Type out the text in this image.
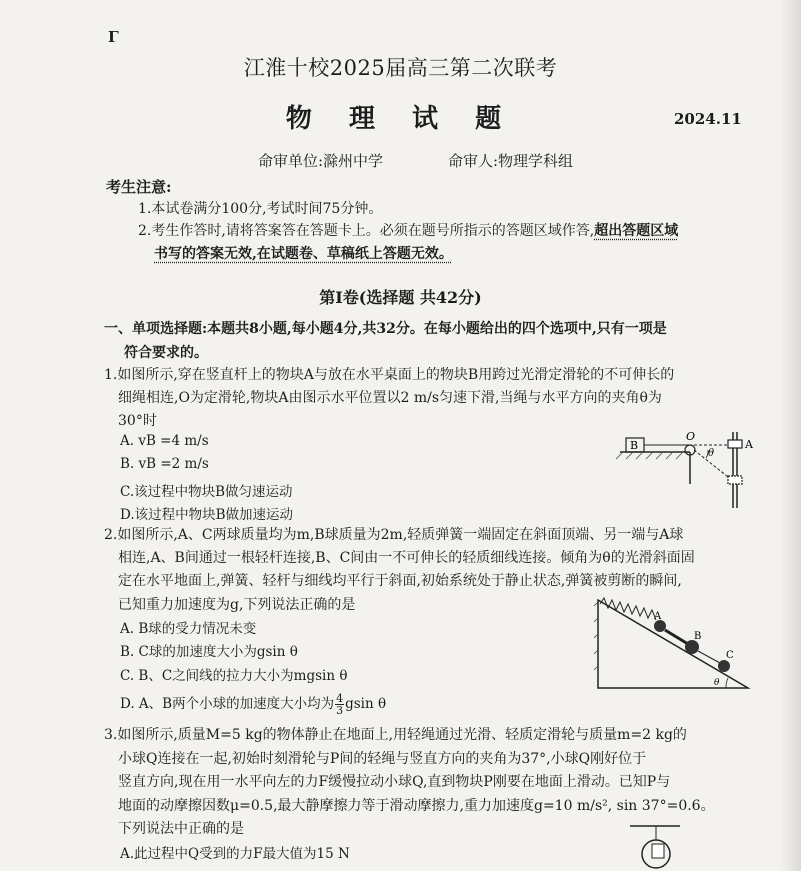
Γ
江淮十校2025届高三第二次联考
物 理 试 题	2024.11
命审单位:滁州中学	命审人:物理学科组
考生注意:
1.本试卷满分100分,考试时间75分钟。
2.考生作答时,请将答案答在答题卡上。必须在题号所指示的答题区域作答,超出答题区域
书写的答案无效,在试题卷、草稿纸上答题无效。
第Ⅰ卷(选择题 共42分)
一、单项选择题:本题共8小题,每小题4分,共32分。在每小题给出的四个选项中,只有一项是
符合要求的。
1.如图所示,穿在竖直杆上的物块A与放在水平桌面上的物块B用跨过光滑定滑轮的不可伸长的
细绳相连,O为定滑轮,物块A由图示水平位置以2 m/s匀速下滑,当绳与水平方向的夹角θ为
30°时
A. vB =4 m/s
B. vB =2 m/s
C.该过程中物块B做匀速运动
D.该过程中物块B做加速运动
B
O
θ
A
2.如图所示,A、C两球质量均为m,B球质量为2m,轻质弹簧一端固定在斜面顶端、另一端与A球
相连,A、B间通过一根轻杆连接,B、C间由一不可伸长的轻质细线连接。倾角为θ的光滑斜面固
定在水平地面上,弹簧、轻杆与细线均平行于斜面,初始系统处于静止状态,弹簧被剪断的瞬间,
已知重力加速度为g,下列说法正确的是
A. B球的受力情况未变
B. C球的加速度大小为gsin θ
C. B、C之间线的拉力大小为mgsin θ
D. A、B两个小球的加速度大小均为 $\frac{4}{3}$ gsin θ
A
B
C
θ
3.如图所示,质量M=5 kg的物体静止在地面上,用轻绳通过光滑、轻质定滑轮与质量m=2 kg的
小球Q连接在一起,初始时刻滑轮与P间的轻绳与竖直方向的夹角为37°,小球Q刚好位于
竖直方向,现在用一水平向左的力F缓慢拉动小球Q,直到物块P刚要在地面上滑动。已知P与
地面的动摩擦因数μ=0.5,最大静摩擦力等于滑动摩擦力,重力加速度g=10 m/s², sin 37°=0.6。
下列说法中正确的是
A.此过程中Q受到的力F最大值为15 N
